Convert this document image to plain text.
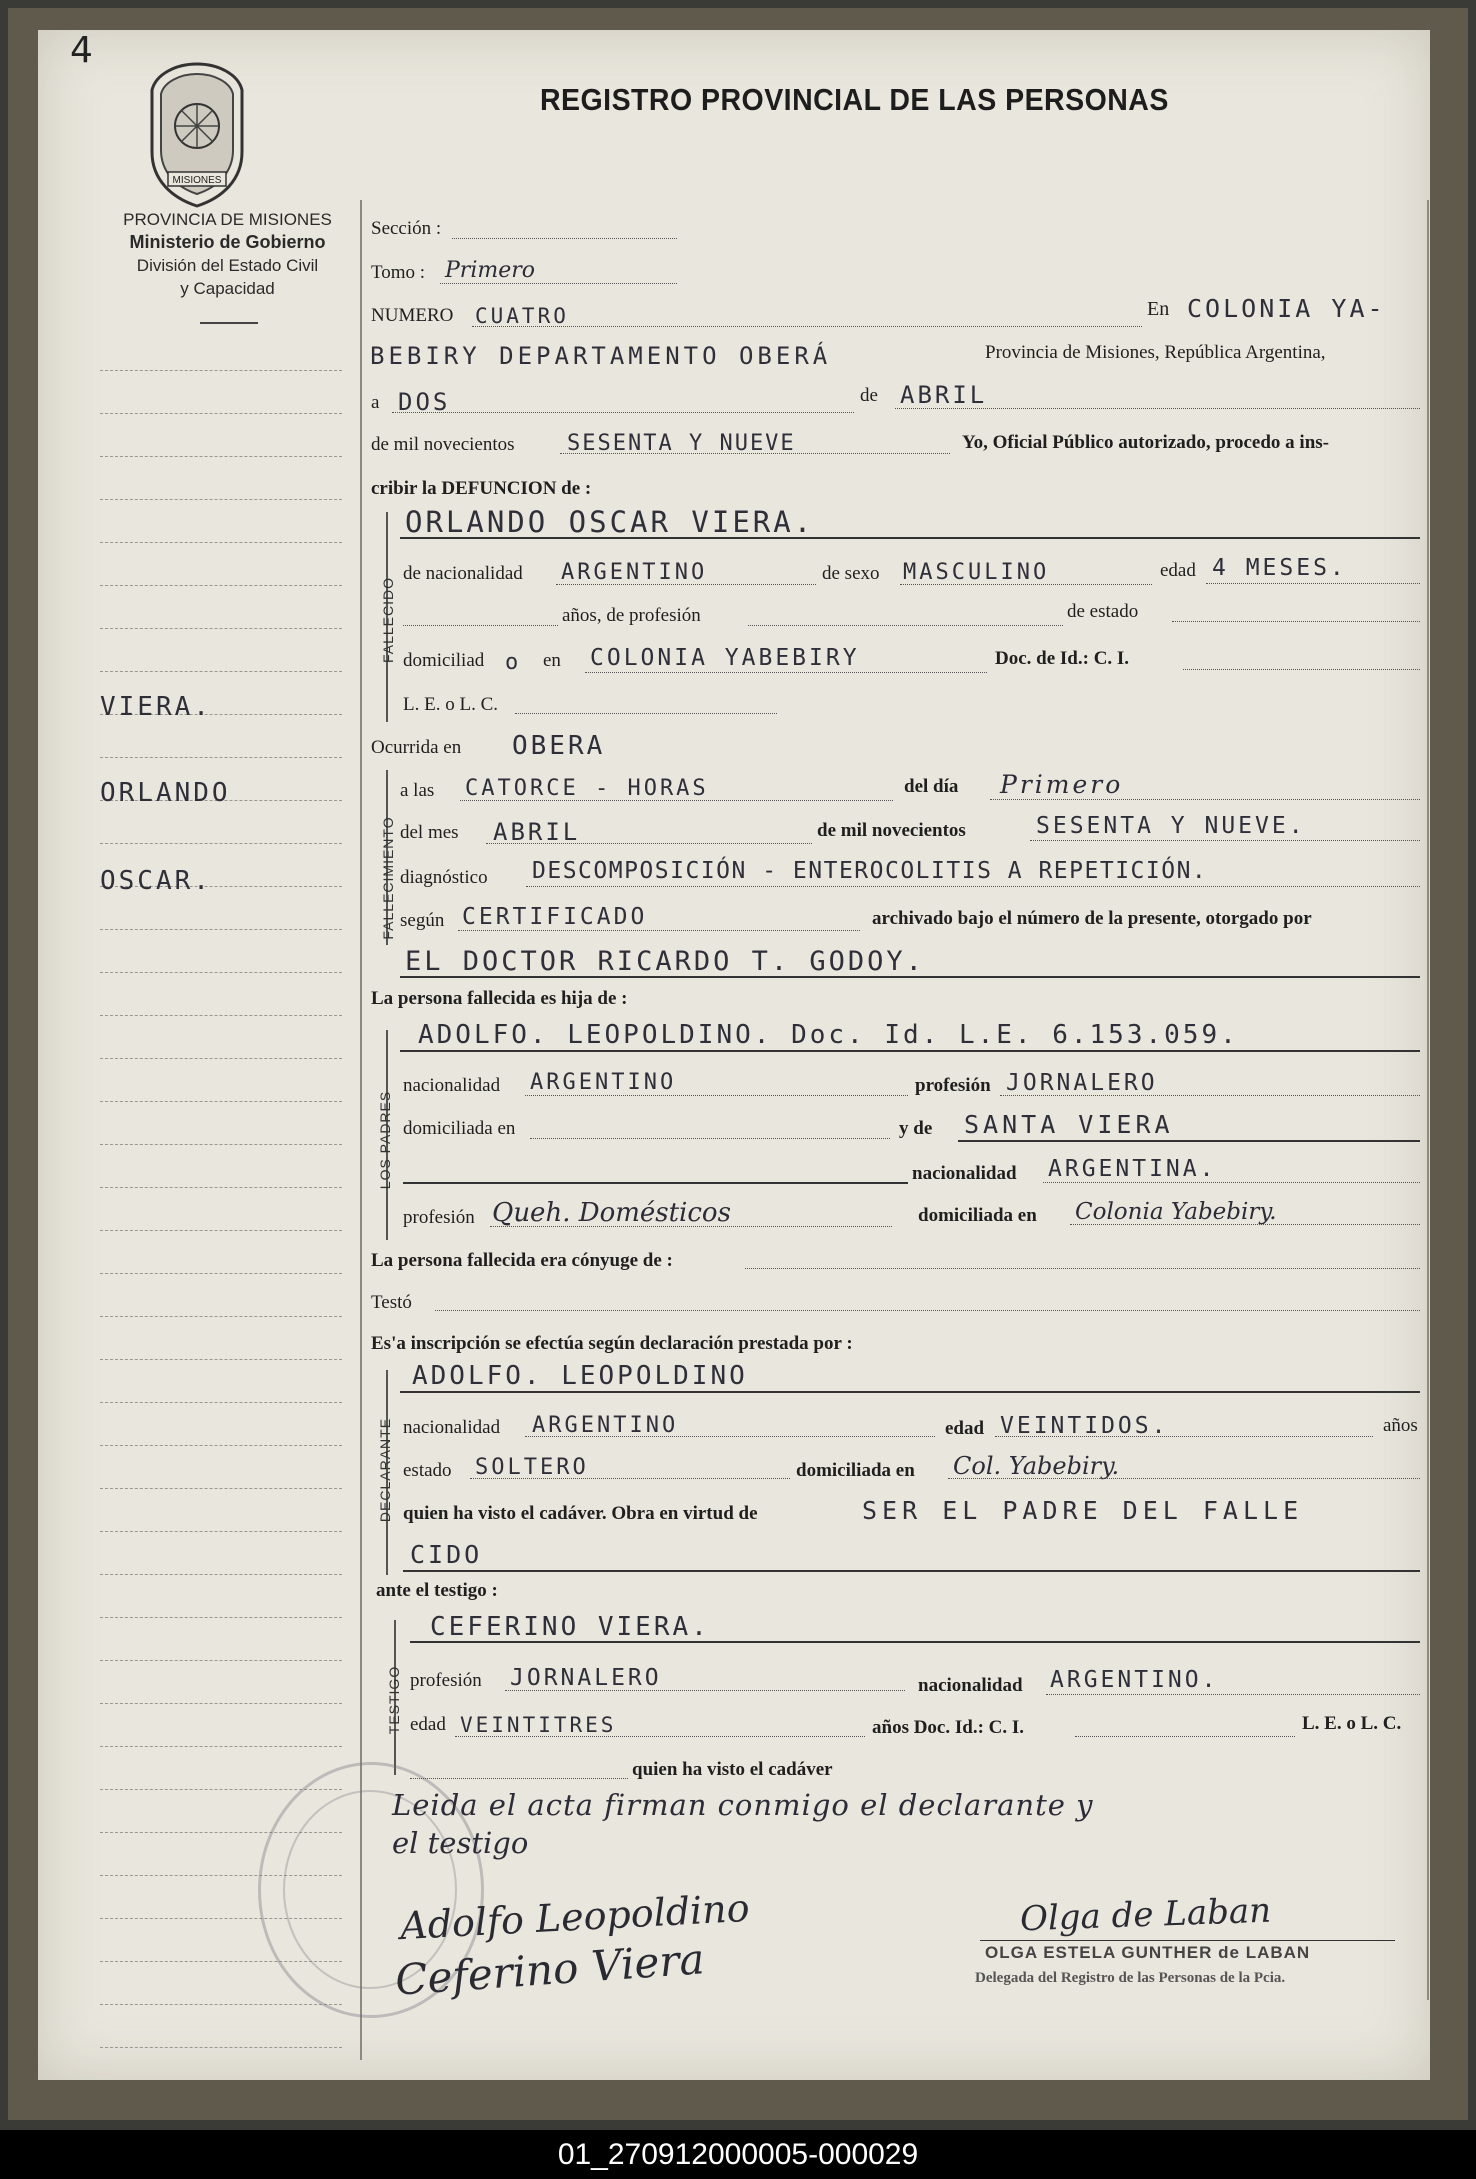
4
MISIONES
PROVINCIA DE MISIONES
Ministerio de Gobierno
División del Estado Civil
y Capacidad
REGISTRO PROVINCIAL DE LAS PERSONAS
VIERA.
ORLANDO
OSCAR.
Sección :
Tomo : Primero
NUMERO CUATRO	En COLONIA YA-
BEBIRY DEPARTAMENTO OBERÁ	Provincia de Misiones, República Argentina,
a DOS	de ABRIL
de mil novecientos SESENTA Y NUEVE	Yo, Oficial Público autorizado, procedo a ins-
cribir la DEFUNCION de :
FALLECIDO
ORLANDO OSCAR VIERA.
de nacionalidad ARGENTINO	de sexo MASCULINO	edad 4 MESES.
años, de profesión	de estado
domiciliad o en COLONIA YABEBIRY	Doc. de Id.: C. I.
L. E. o L. C.
Ocurrida en OBERA
FALLECIMIENTO
a las CATORCE - HORAS	del día Primero
del mes ABRIL	de mil novecientos	SESENTA Y NUEVE.
diagnóstico DESCOMPOSICIÓN - ENTEROCOLITIS A REPETICIÓN.
según CERTIFICADO	archivado bajo el número de la presente, otorgado por
EL DOCTOR RICARDO T. GODOY.
La persona fallecida es hija de :
LOS PADRES
ADOLFO. LEOPOLDINO. Doc. Id. L.E. 6.153.059.
nacionalidad ARGENTINO	profesión JORNALERO
domiciliada en	y de SANTA VIERA
nacionalidad ARGENTINA.
profesión Queh. Domésticos	domiciliada en Colonia Yabebiry.
La persona fallecida era cónyuge de :
Testó
Es'a inscripción se efectúa según declaración prestada por :
DECLARANTE
ADOLFO. LEOPOLDINO
nacionalidad ARGENTINO	edad VEINTIDOS.	años
estado SOLTERO	domiciliada en Col. Yabebiry.
quien ha visto el cadáver. Obra en virtud de	SER EL PADRE DEL FALLE
CIDO
ante el testigo :
TESTIGO
CEFERINO VIERA.
profesión JORNALERO	nacionalidad ARGENTINO.
edad VEINTITRES	años Doc. Id.: C. I.	L. E. o L. C.
quien ha visto el cadáver
Leida el acta firman conmigo el declarante y
el testigo
Adolfo Leopoldino
Ceferino Viera
Olga de Laban
OLGA ESTELA GUNTHER de LABAN
Delegada del Registro de las Personas de la Pcia.
01_270912000005-000029
